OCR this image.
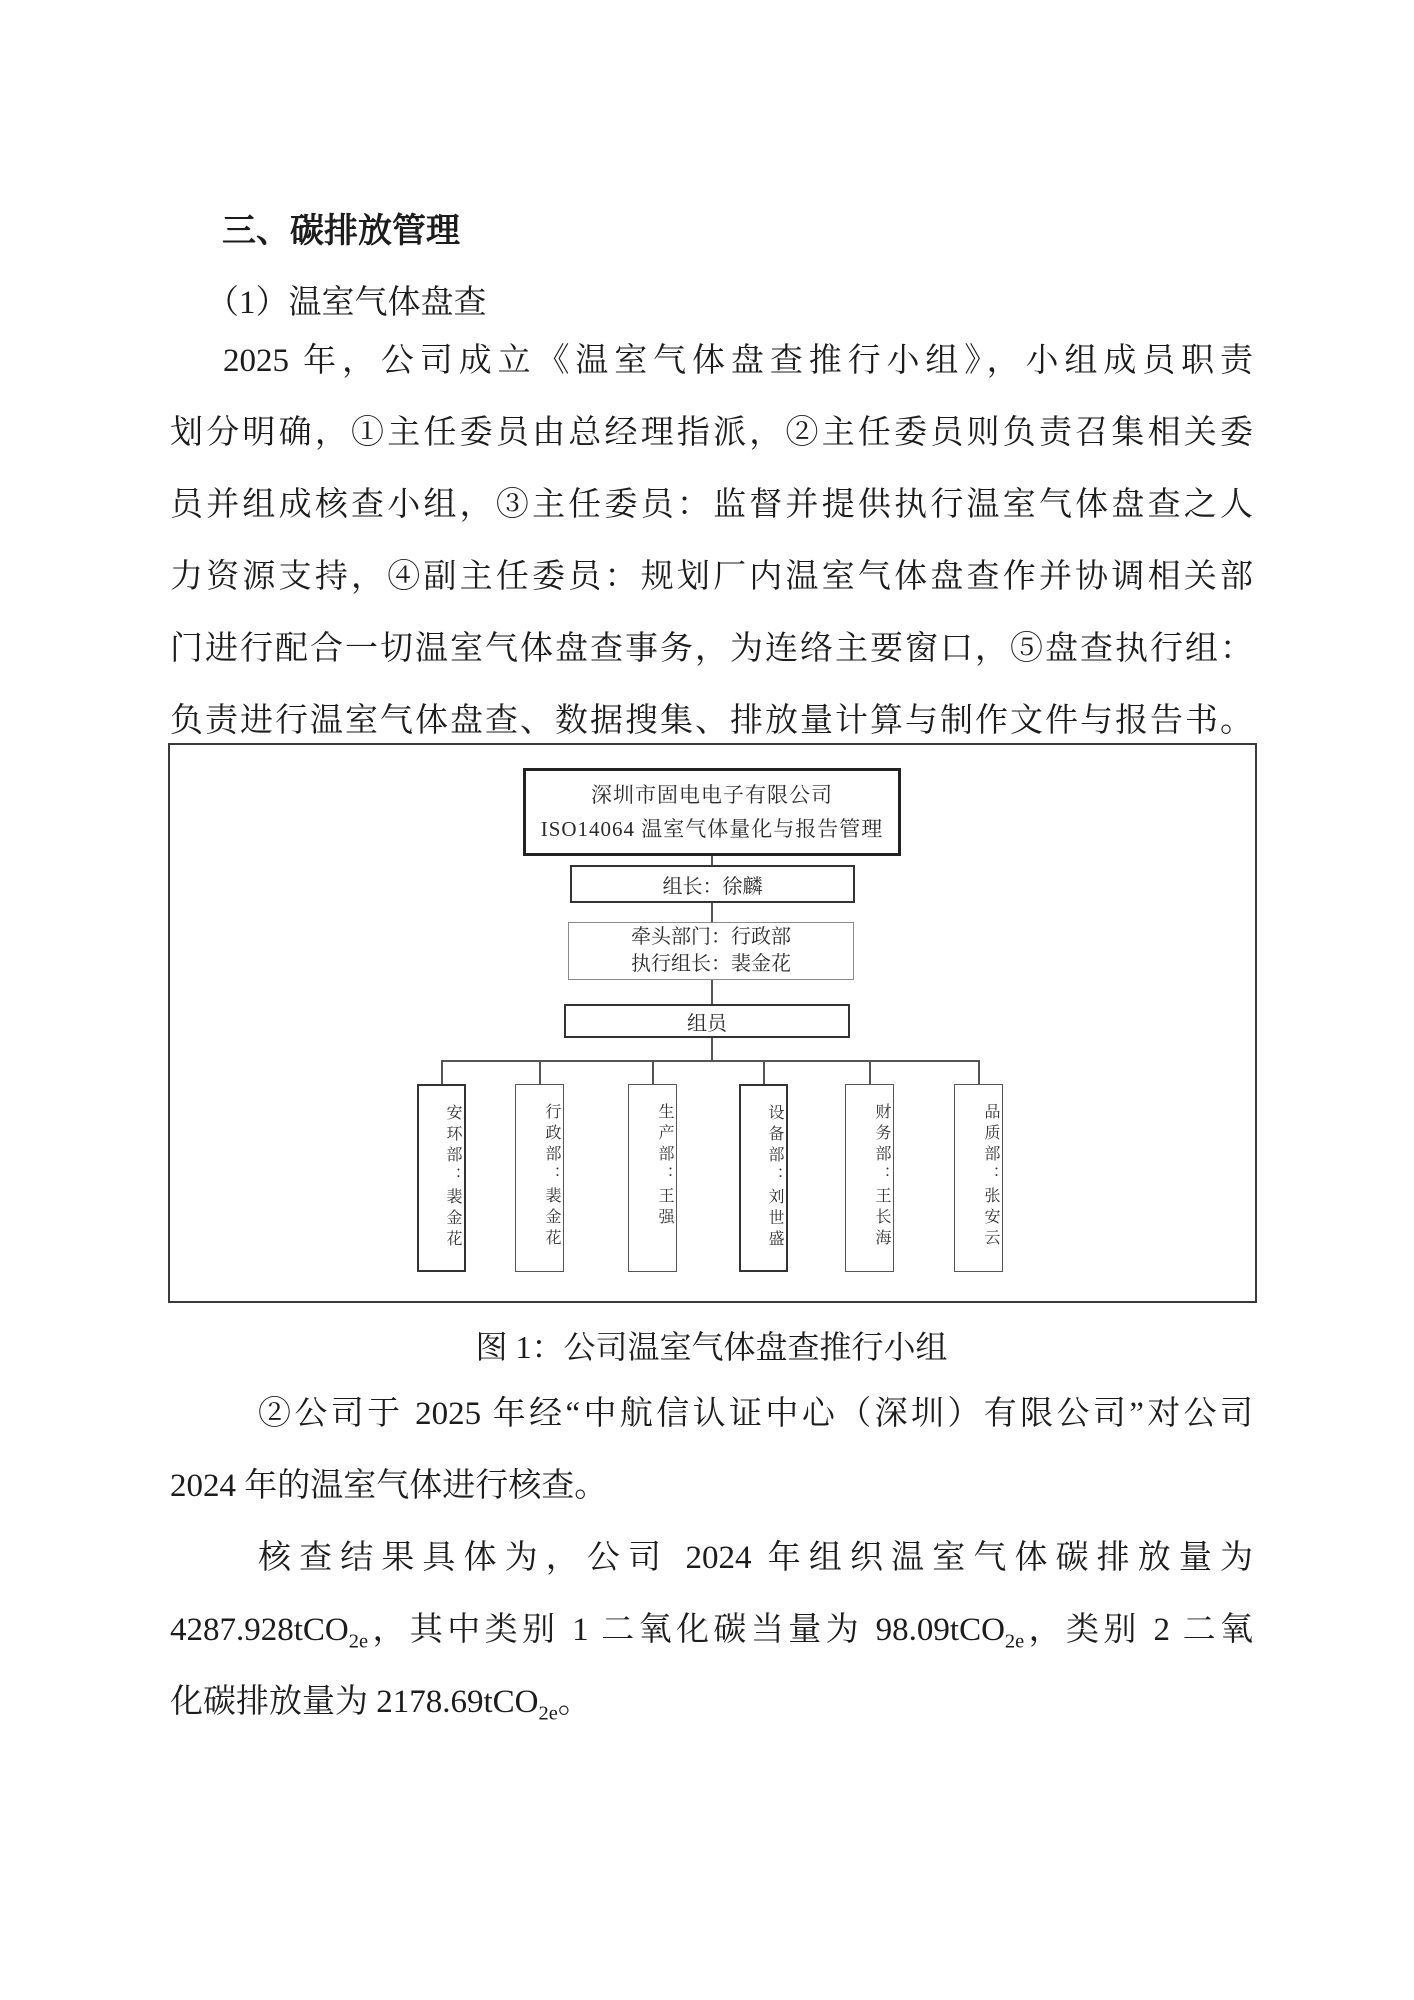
三、碳排放管理
（1）温室气体盘查
2025 年，公司成立《温室气体盘查推行小组》，小组成员职责
划分明确，①主任委员由总经理指派，②主任委员则负责召集相关委
员并组成核查小组，③主任委员：监督并提供执行温室气体盘查之人
力资源支持，④副主任委员：规划厂内温室气体盘查作并协调相关部
门进行配合一切温室气体盘查事务，为连络主要窗口，⑤盘查执行组：
负责进行温室气体盘查、数据搜集、排放量计算与制作文件与报告书。
图 1：公司温室气体盘查推行小组
②公司于 2025 年经“中航信认证中心（深圳）有限公司”对公司
2024 年的温室气体进行核查。
核查结果具体为，公司 2024 年组织温室气体碳排放量为
4287.928tCO$_{2e}$，其中类别 1 二氧化碳当量为 98.09tCO$_{2e}$，类别 2 二氧
化碳排放量为 2178.69tCO$_{2e}$。
深圳市固电电子有限公司
ISO14064 温室气体量化与报告管理
组长：徐麟
牵头部门：行政部
执行组长：裴金花
组员
安环部：裴金花	行政部：裴金花	生产部：王强	设备部：刘世盛	财务部：王长海	品质部：张安云
